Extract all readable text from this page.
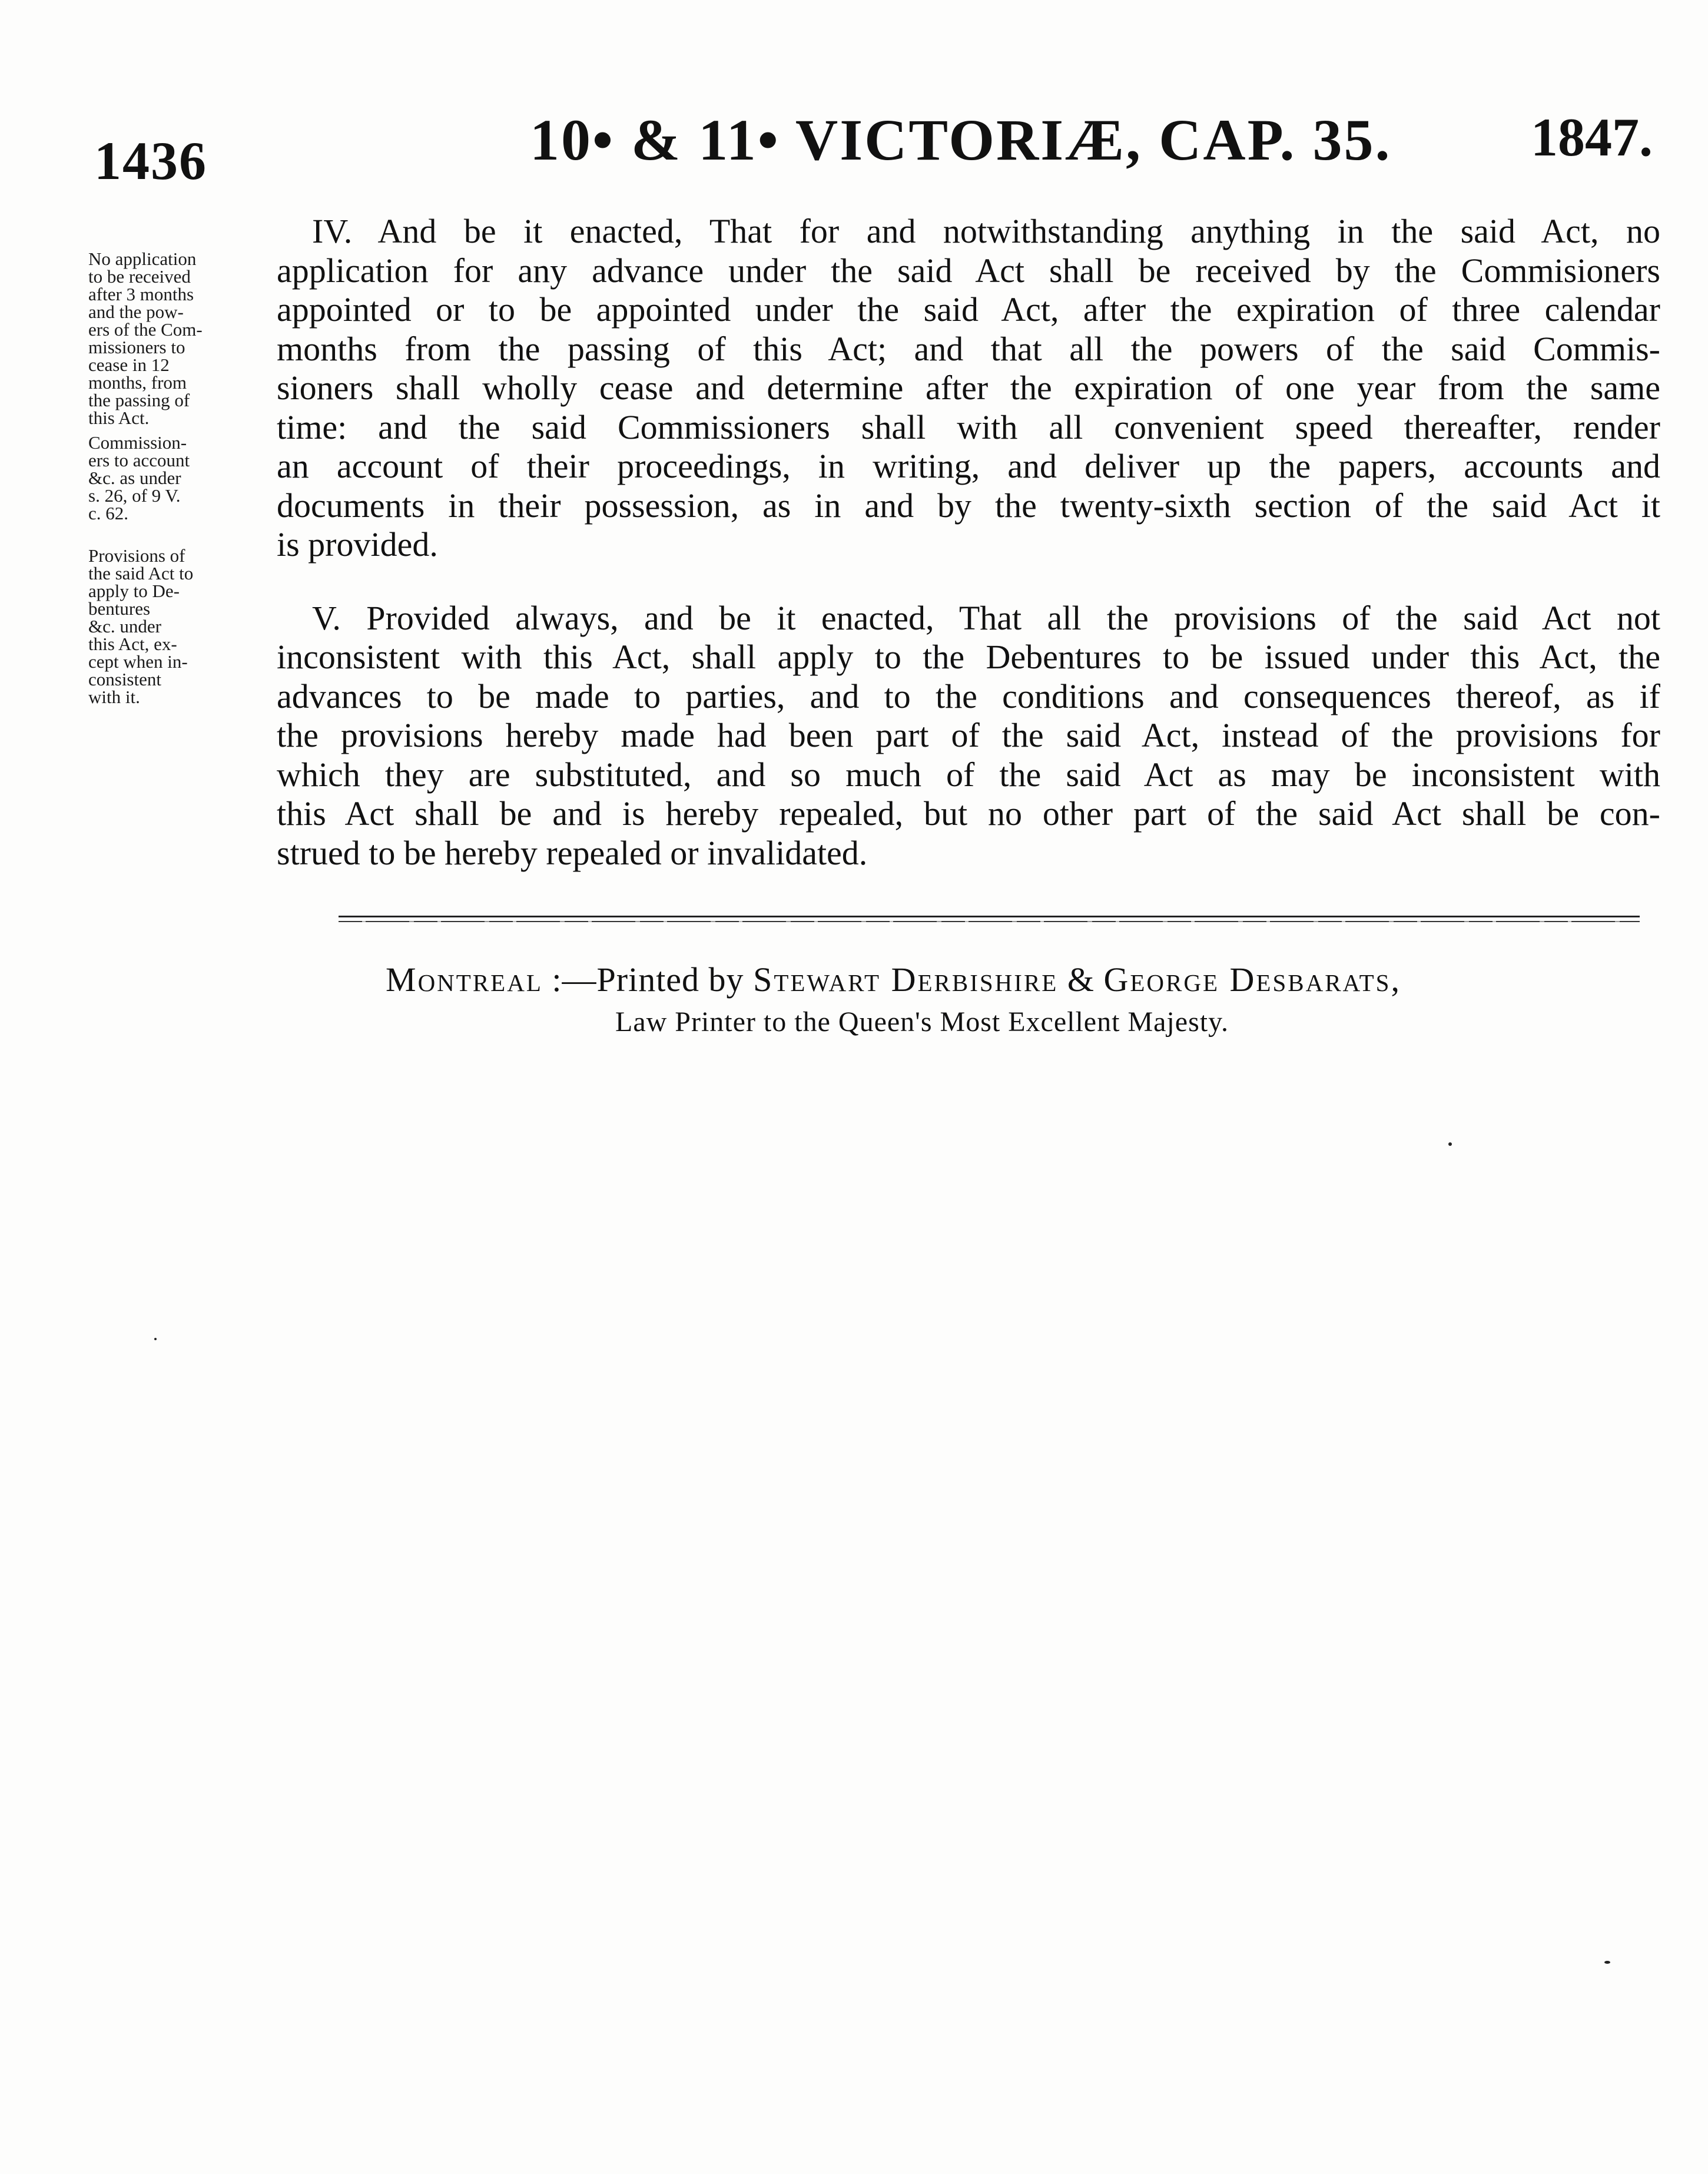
1436	10• & 11• VICTORIÆ, CAP. 35.	1847.
No application
to be received
after 3 months
and the pow-
ers of the Com-
missioners to
cease in 12
months, from
the passing of
this Act.
Commission-
ers to account
&c. as under
s. 26, of 9 V.
c. 62.
Provisions of
the said Act to
apply to De-
bentures
&c. under
this Act, ex-
cept when in-
consistent
with it.
IV. And be it enacted, That for and notwithstanding anything in the said Act, no
application for any advance under the said Act shall be received by the Commisioners
appointed or to be appointed under the said Act, after the expiration of three calendar
months from the passing of this Act; and that all the powers of the said Commis-
sioners shall wholly cease and determine after the expiration of one year from the same
time: and the said Commissioners shall with all convenient speed thereafter, render
an account of their proceedings, in writing, and deliver up the papers, accounts and
documents in their possession, as in and by the twenty-sixth section of the said Act it
is provided.
V. Provided always, and be it enacted, That all the provisions of the said Act not
inconsistent with this Act, shall apply to the Debentures to be issued under this Act, the
advances to be made to parties, and to the conditions and consequences thereof, as if
the provisions hereby made had been part of the said Act, instead of the provisions for
which they are substituted, and so much of the said Act as may be inconsistent with
this Act shall be and is hereby repealed, but no other part of the said Act shall be con-
strued to be hereby repealed or invalidated.
Montreal :—Printed by Stewart Derbishire & George Desbarats,
Law Printer to the Queen's Most Excellent Majesty.
